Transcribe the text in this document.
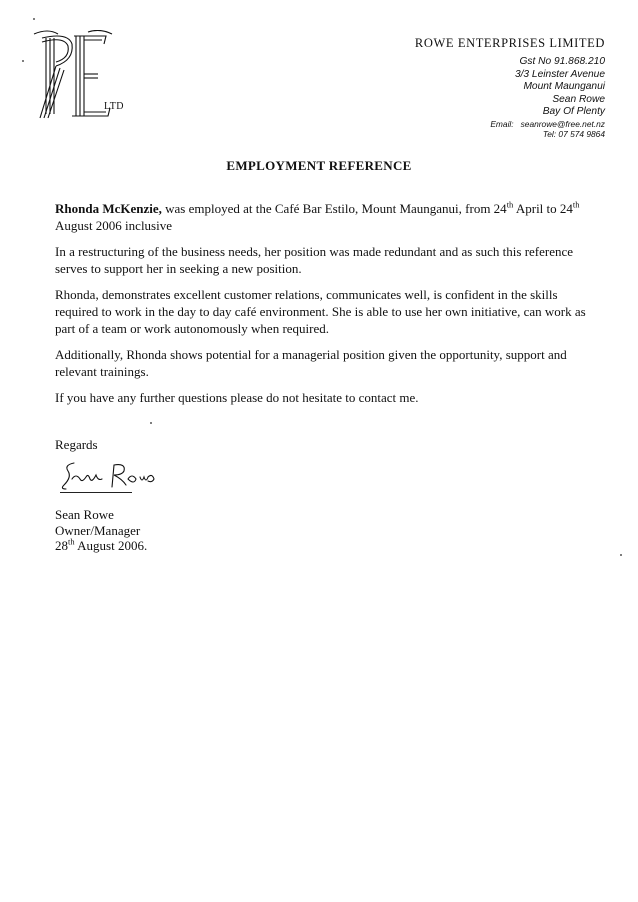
LTD
ROWE ENTERPRISES LIMITED
Gst No 91.868.210
3/3 Leinster Avenue
Mount Maunganui
Sean Rowe
Bay Of Plenty
Email: seanrowe@free.net.nz
Tel: 07 574 9864
EMPLOYMENT REFERENCE

Rhonda McKenzie, was employed at the Café Bar Estilo, Mount Maunganui, from 24th April to 24th August 2006 inclusive

In a restructuring of the business needs, her position was made redundant and as such this reference serves to support her in seeking a new position.

Rhonda, demonstrates excellent customer relations, communicates well, is confident in the skills required to work in the day to day café environment. She is able to use her own initiative, can work as part of a team or work autonomously when required.

Additionally, Rhonda shows potential for a managerial position given the opportunity, support and relevant trainings.

If you have any further questions please do not hesitate to contact me.

Regards
Sean Rowe
Owner/Manager
28th August 2006.
